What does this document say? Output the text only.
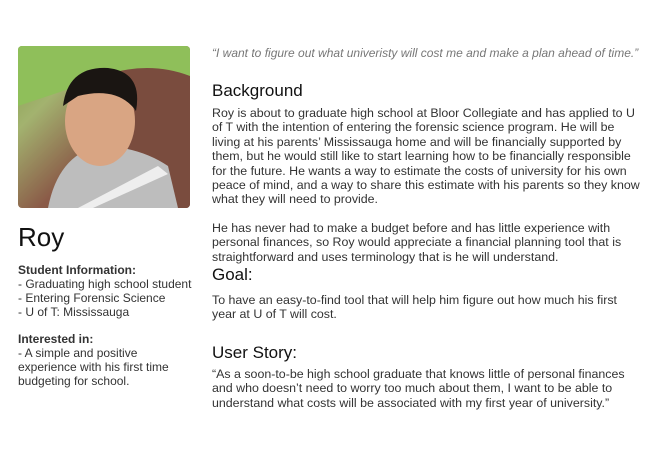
“I want to figure out what univeristy will cost me and make a plan ahead of time.”
Background
Roy is about to graduate high school at Bloor Collegiate and has applied to U of T with the intention of entering the forensic science program. He will be living at his parents’ Mississauga home and will be financially supported by them, but he would still like to start learning how to be financially responsible for the future. He wants a way to estimate the costs of university for his own peace of mind, and a way to share this estimate with his parents so they know what they will need to provide.
He has never had to make a budget before and has little experience with personal finances, so Roy would appreciate a financial planning tool that is straightforward and uses terminology that is he will understand.
Goal:
To have an easy-to-find tool that will help him figure out how much his first year at U of T will cost.
User Story:
“As a soon-to-be high school graduate that knows little of personal finances and who doesn’t need to worry too much about them, I want to be able to understand what costs will be associated with my first year of university.”
Roy
Student Information:
- Graduating high school student
- Entering Forensic Science
- U of T: Mississauga
Interested in:
- A simple and positive experience with his first time budgeting for school.
